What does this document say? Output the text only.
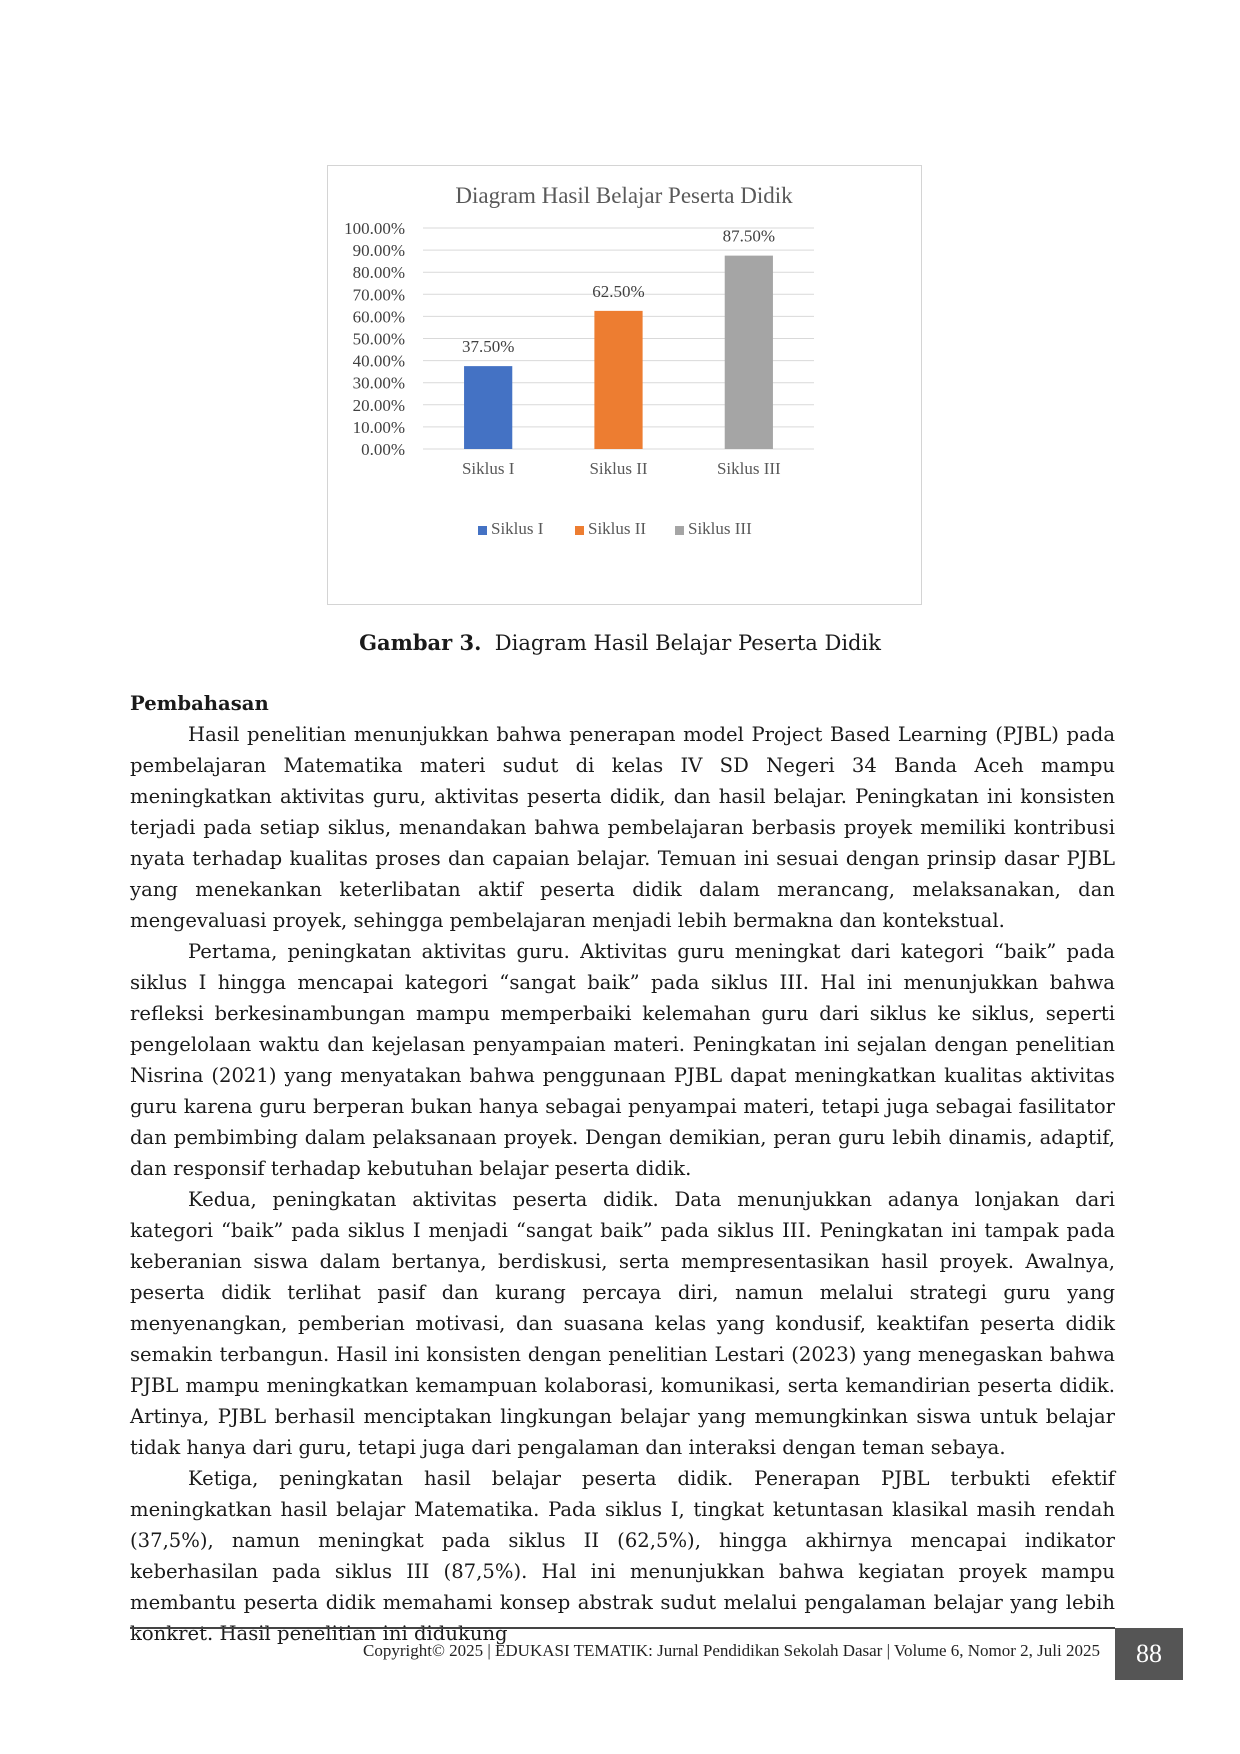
Diagram Hasil Belajar Peserta Didik
0.00%
10.00%
20.00%
30.00%
40.00%
50.00%
60.00%
70.00%
80.00%
90.00%
100.00%
37.50%
62.50%
87.50%
Siklus I	Siklus II	Siklus III
Siklus I	Siklus II Siklus III
Gambar 3. Diagram Hasil Belajar Peserta Didik

Pembahasan

Hasil penelitian menunjukkan bahwa penerapan model Project Based Learning (PJBL) pada pembelajaran Matematika materi sudut di kelas IV SD Negeri 34 Banda Aceh mampu meningkatkan aktivitas guru, aktivitas peserta didik, dan hasil belajar. Peningkatan ini konsisten terjadi pada setiap siklus, menandakan bahwa pembelajaran berbasis proyek memiliki kontribusi nyata terhadap kualitas proses dan capaian belajar. Temuan ini sesuai dengan prinsip dasar PJBL yang menekankan keterlibatan aktif peserta didik dalam merancang, melaksanakan, dan mengevaluasi proyek, sehingga pembelajaran menjadi lebih bermakna dan kontekstual.

Pertama, peningkatan aktivitas guru. Aktivitas guru meningkat dari kategori “baik” pada siklus I hingga mencapai kategori “sangat baik” pada siklus III. Hal ini menunjukkan bahwa refleksi berkesinambungan mampu memperbaiki kelemahan guru dari siklus ke siklus, seperti pengelolaan waktu dan kejelasan penyampaian materi. Peningkatan ini sejalan dengan penelitian Nisrina (2021) yang menyatakan bahwa penggunaan PJBL dapat meningkatkan kualitas aktivitas guru karena guru berperan bukan hanya sebagai penyampai materi, tetapi juga sebagai fasilitator dan pembimbing dalam pelaksanaan proyek. Dengan demikian, peran guru lebih dinamis, adaptif, dan responsif terhadap kebutuhan belajar peserta didik.

Kedua, peningkatan aktivitas peserta didik. Data menunjukkan adanya lonjakan dari kategori “baik” pada siklus I menjadi “sangat baik” pada siklus III. Peningkatan ini tampak pada keberanian siswa dalam bertanya, berdiskusi, serta mempresentasikan hasil proyek. Awalnya, peserta didik terlihat pasif dan kurang percaya diri, namun melalui strategi guru yang menyenangkan, pemberian motivasi, dan suasana kelas yang kondusif, keaktifan peserta didik semakin terbangun. Hasil ini konsisten dengan penelitian Lestari (2023) yang menegaskan bahwa PJBL mampu meningkatkan kemampuan kolaborasi, komunikasi, serta kemandirian peserta didik. Artinya, PJBL berhasil menciptakan lingkungan belajar yang memungkinkan siswa untuk belajar tidak hanya dari guru, tetapi juga dari pengalaman dan interaksi dengan teman sebaya.

Ketiga, peningkatan hasil belajar peserta didik. Penerapan PJBL terbukti efektif meningkatkan hasil belajar Matematika. Pada siklus I, tingkat ketuntasan klasikal masih rendah (37,5%), namun meningkat pada siklus II (62,5%), hingga akhirnya mencapai indikator keberhasilan pada siklus III (87,5%). Hal ini menunjukkan bahwa kegiatan proyek mampu membantu peserta didik memahami konsep abstrak sudut melalui pengalaman belajar yang lebih konkret. Hasil penelitian ini didukung

Copyright© 2025 | EDUKASI TEMATIK: Jurnal Pendidikan Sekolah Dasar | Volume 6, Nomor 2, Juli 2025	88
